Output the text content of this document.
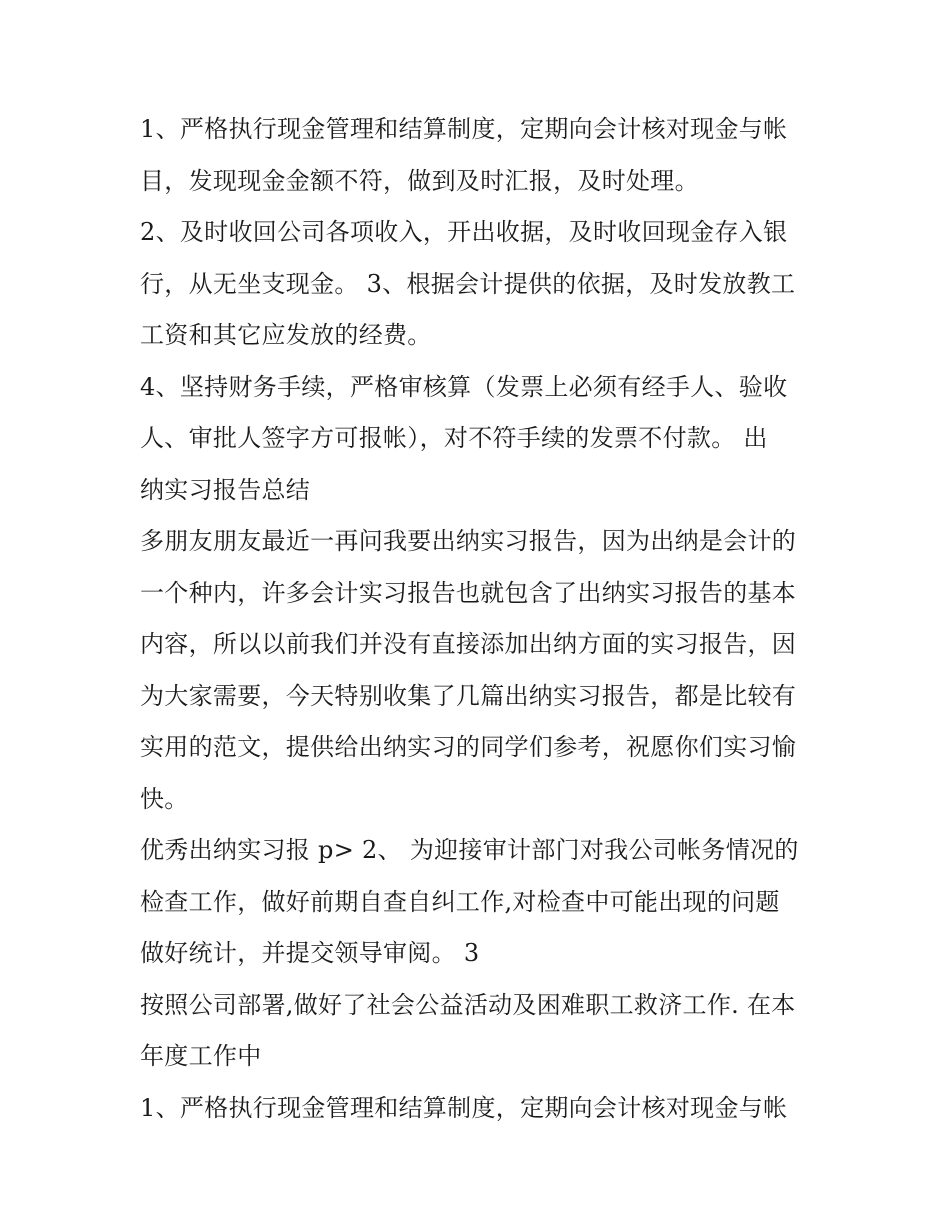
1、严格执行现金管理和结算制度，定期向会计核对现金与帐
目，发现现金金额不符，做到及时汇报，及时处理。
2、及时收回公司各项收入，开出收据，及时收回现金存入银
行，从无坐支现金。 3、根据会计提供的依据，及时发放教工
工资和其它应发放的经费。
4、坚持财务手续，严格审核算（发票上必须有经手人、验收
人、审批人签字方可报帐），对不符手续的发票不付款。 出
纳实习报告总结
多朋友朋友最近一再问我要出纳实习报告，因为出纳是会计的
一个种内，许多会计实习报告也就包含了出纳实习报告的基本
内容，所以以前我们并没有直接添加出纳方面的实习报告，因
为大家需要，今天特别收集了几篇出纳实习报告，都是比较有
实用的范文，提供给出纳实习的同学们参考，祝愿你们实习愉
快。
优秀出纳实习报 p> 2、 为迎接审计部门对我公司帐务情况的
检查工作，做好前期自查自纠工作,对检查中可能出现的问题
做好统计，并提交领导审阅。 3
按照公司部署,做好了社会公益活动及困难职工救济工作. 在本
年度工作中
1、严格执行现金管理和结算制度，定期向会计核对现金与帐
